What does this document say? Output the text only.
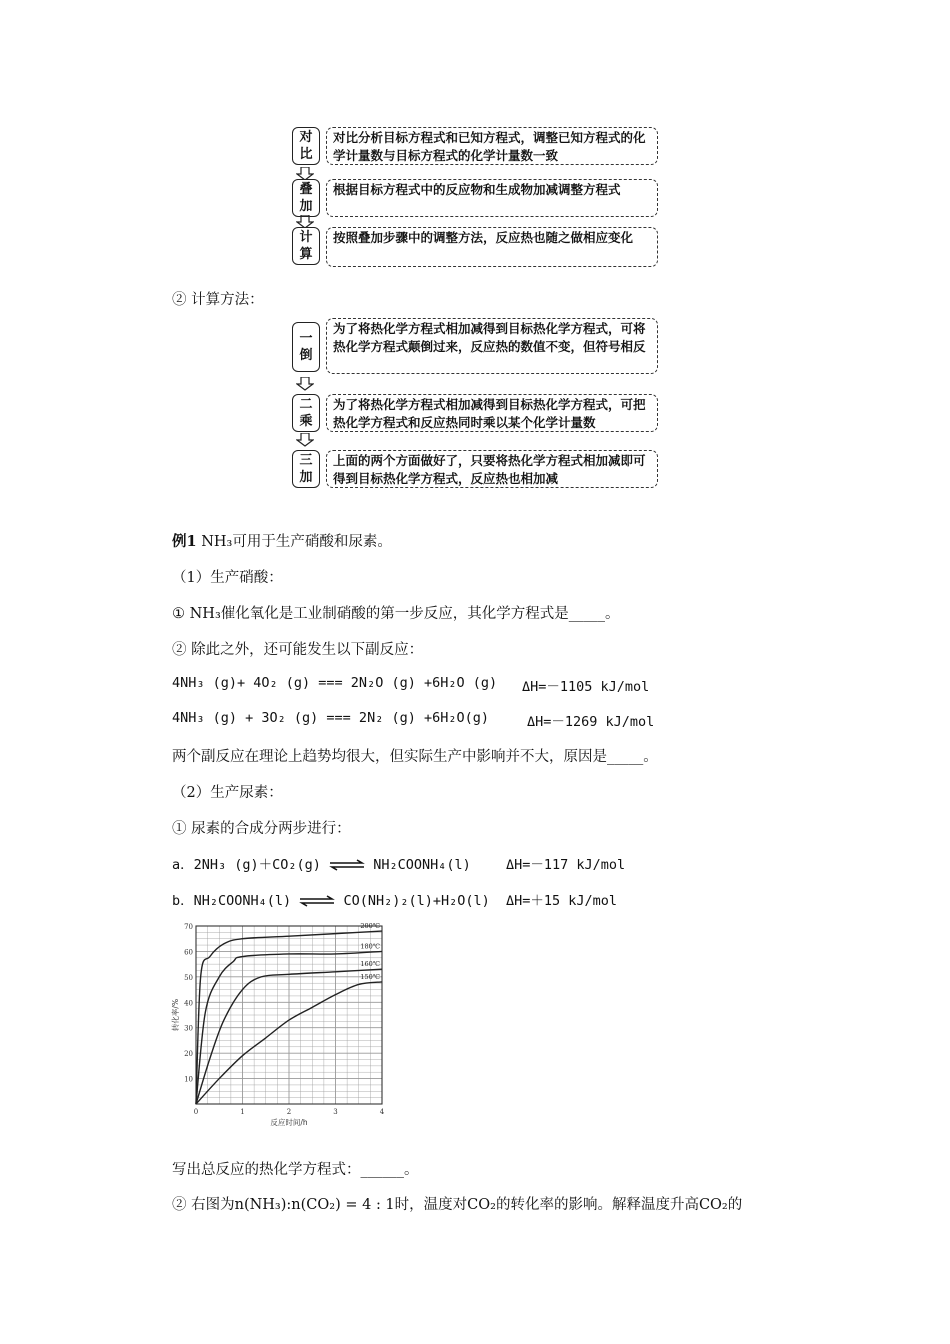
对
比
对比分析目标方程式和已知方程式，调整已知方程式的化学计量数与目标方程式的化学计量数一致
叠
加
根据目标方程式中的反应物和生成物加减调整方程式
计
算
按照叠加步骤中的调整方法，反应热也随之做相应变化
② 计算方法：
一
倒
为了将热化学方程式相加减得到目标热化学方程式，可将热化学方程式颠倒过来，反应热的数值不变，但符号相反
二
乘
为了将热化学方程式相加减得到目标热化学方程式，可把热化学方程式和反应热同时乘以某个化学计量数
三
加
上面的两个方面做好了，只要将热化学方程式相加减即可得到目标热化学方程式，反应热也相加减
例1 NH₃可用于生产硝酸和尿素。
（1）生产硝酸：
① NH₃催化氧化是工业制硝酸的第一步反应，其化学方程式是_____。
② 除此之外，还可能发生以下副反应：
4NH₃ (g)+ 4O₂ (g) === 2N₂O (g) +6H₂O (g) ΔH=－1105 kJ/mol
4NH₃ (g) + 3O₂ (g) === 2N₂ (g) +6H₂O(g)	ΔH=－1269 kJ/mol
两个副反应在理论上趋势均很大，但实际生产中影响并不大，原因是_____。
（2）生产尿素：
① 尿素的合成分两步进行：
a．2NH₃ (g)＋CO₂(g) ⇌ NH₂COONH₄(l)	ΔH=－117 kJ/mol
b．NH₂COONH₄(l) ⇌ CO(NH₂)₂(l)+H₂O(l) ΔH=＋15 kJ/mol
10
20
30
40
50
60
70
0	1	2	3	4
反应时间/h
转化率/%
200℃
180℃
160℃
150℃
写出总反应的热化学方程式：______。
② 右图为n(NH₃):n(CO₂) = 4 : 1时，温度对CO₂的转化率的影响。解释温度升高CO₂的
